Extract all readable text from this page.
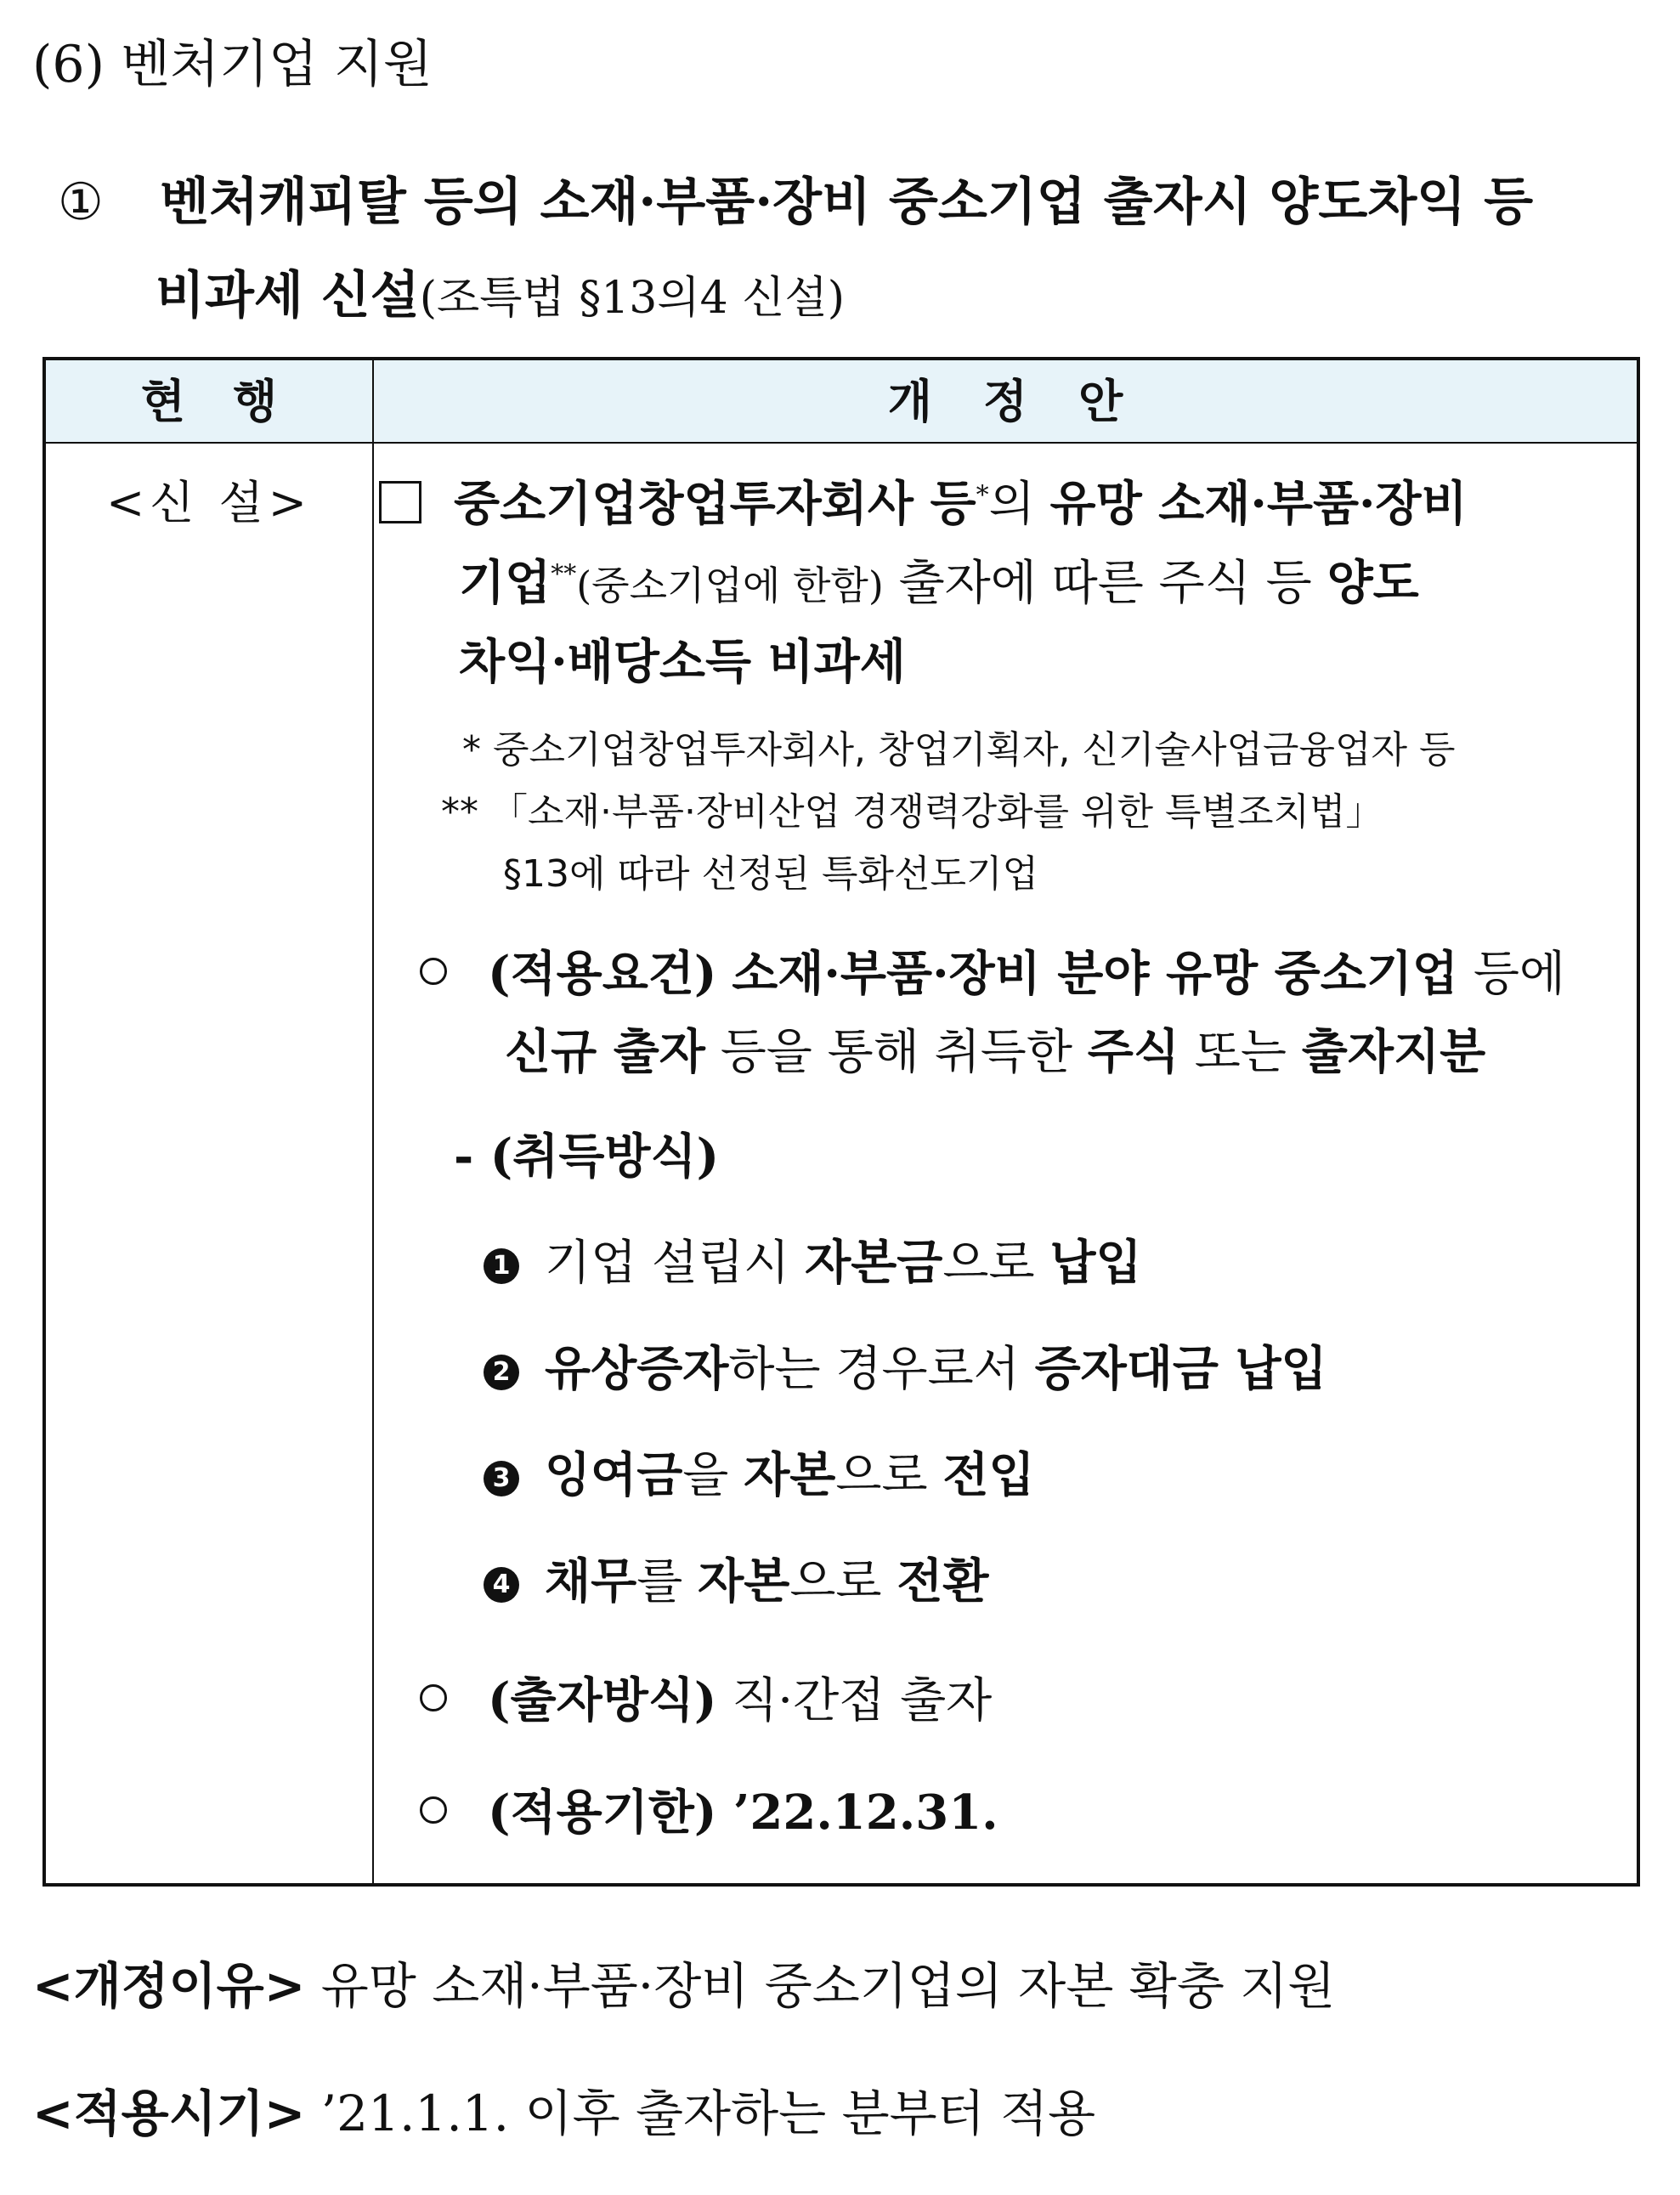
(6) 벤처기업 지원
① 벤처캐피탈 등의 소재·부품·장비 중소기업 출자시 양도차익 등
비과세 신설(조특법 §13의4 신설)
현행	개정안
<신 설>	중소기업창업투자회사 등*의 유망 소재·부품·장비
기업**(중소기업에 한함) 출자에 따른 주식 등 양도
차익·배당소득 비과세
* 중소기업창업투자회사, 창업기획자, 신기술사업금융업자 등
** 「소재·부품·장비산업 경쟁력강화를 위한 특별조치법」
§13에 따라 선정된 특화선도기업
(적용요건) 소재·부품·장비 분야 유망 중소기업 등에
신규 출자 등을 통해 취득한 주식 또는 출자지분
- (취득방식)
1 기업 설립시 자본금으로 납입
2 유상증자하는 경우로서 증자대금 납입
3 잉여금을 자본으로 전입
4 채무를 자본으로 전환
(출자방식) 직·간접 출자
(적용기한) ’22.12.31.
<개정이유> 유망 소재·부품·장비 중소기업의 자본 확충 지원
<적용시기> ’21.1.1. 이후 출자하는 분부터 적용
